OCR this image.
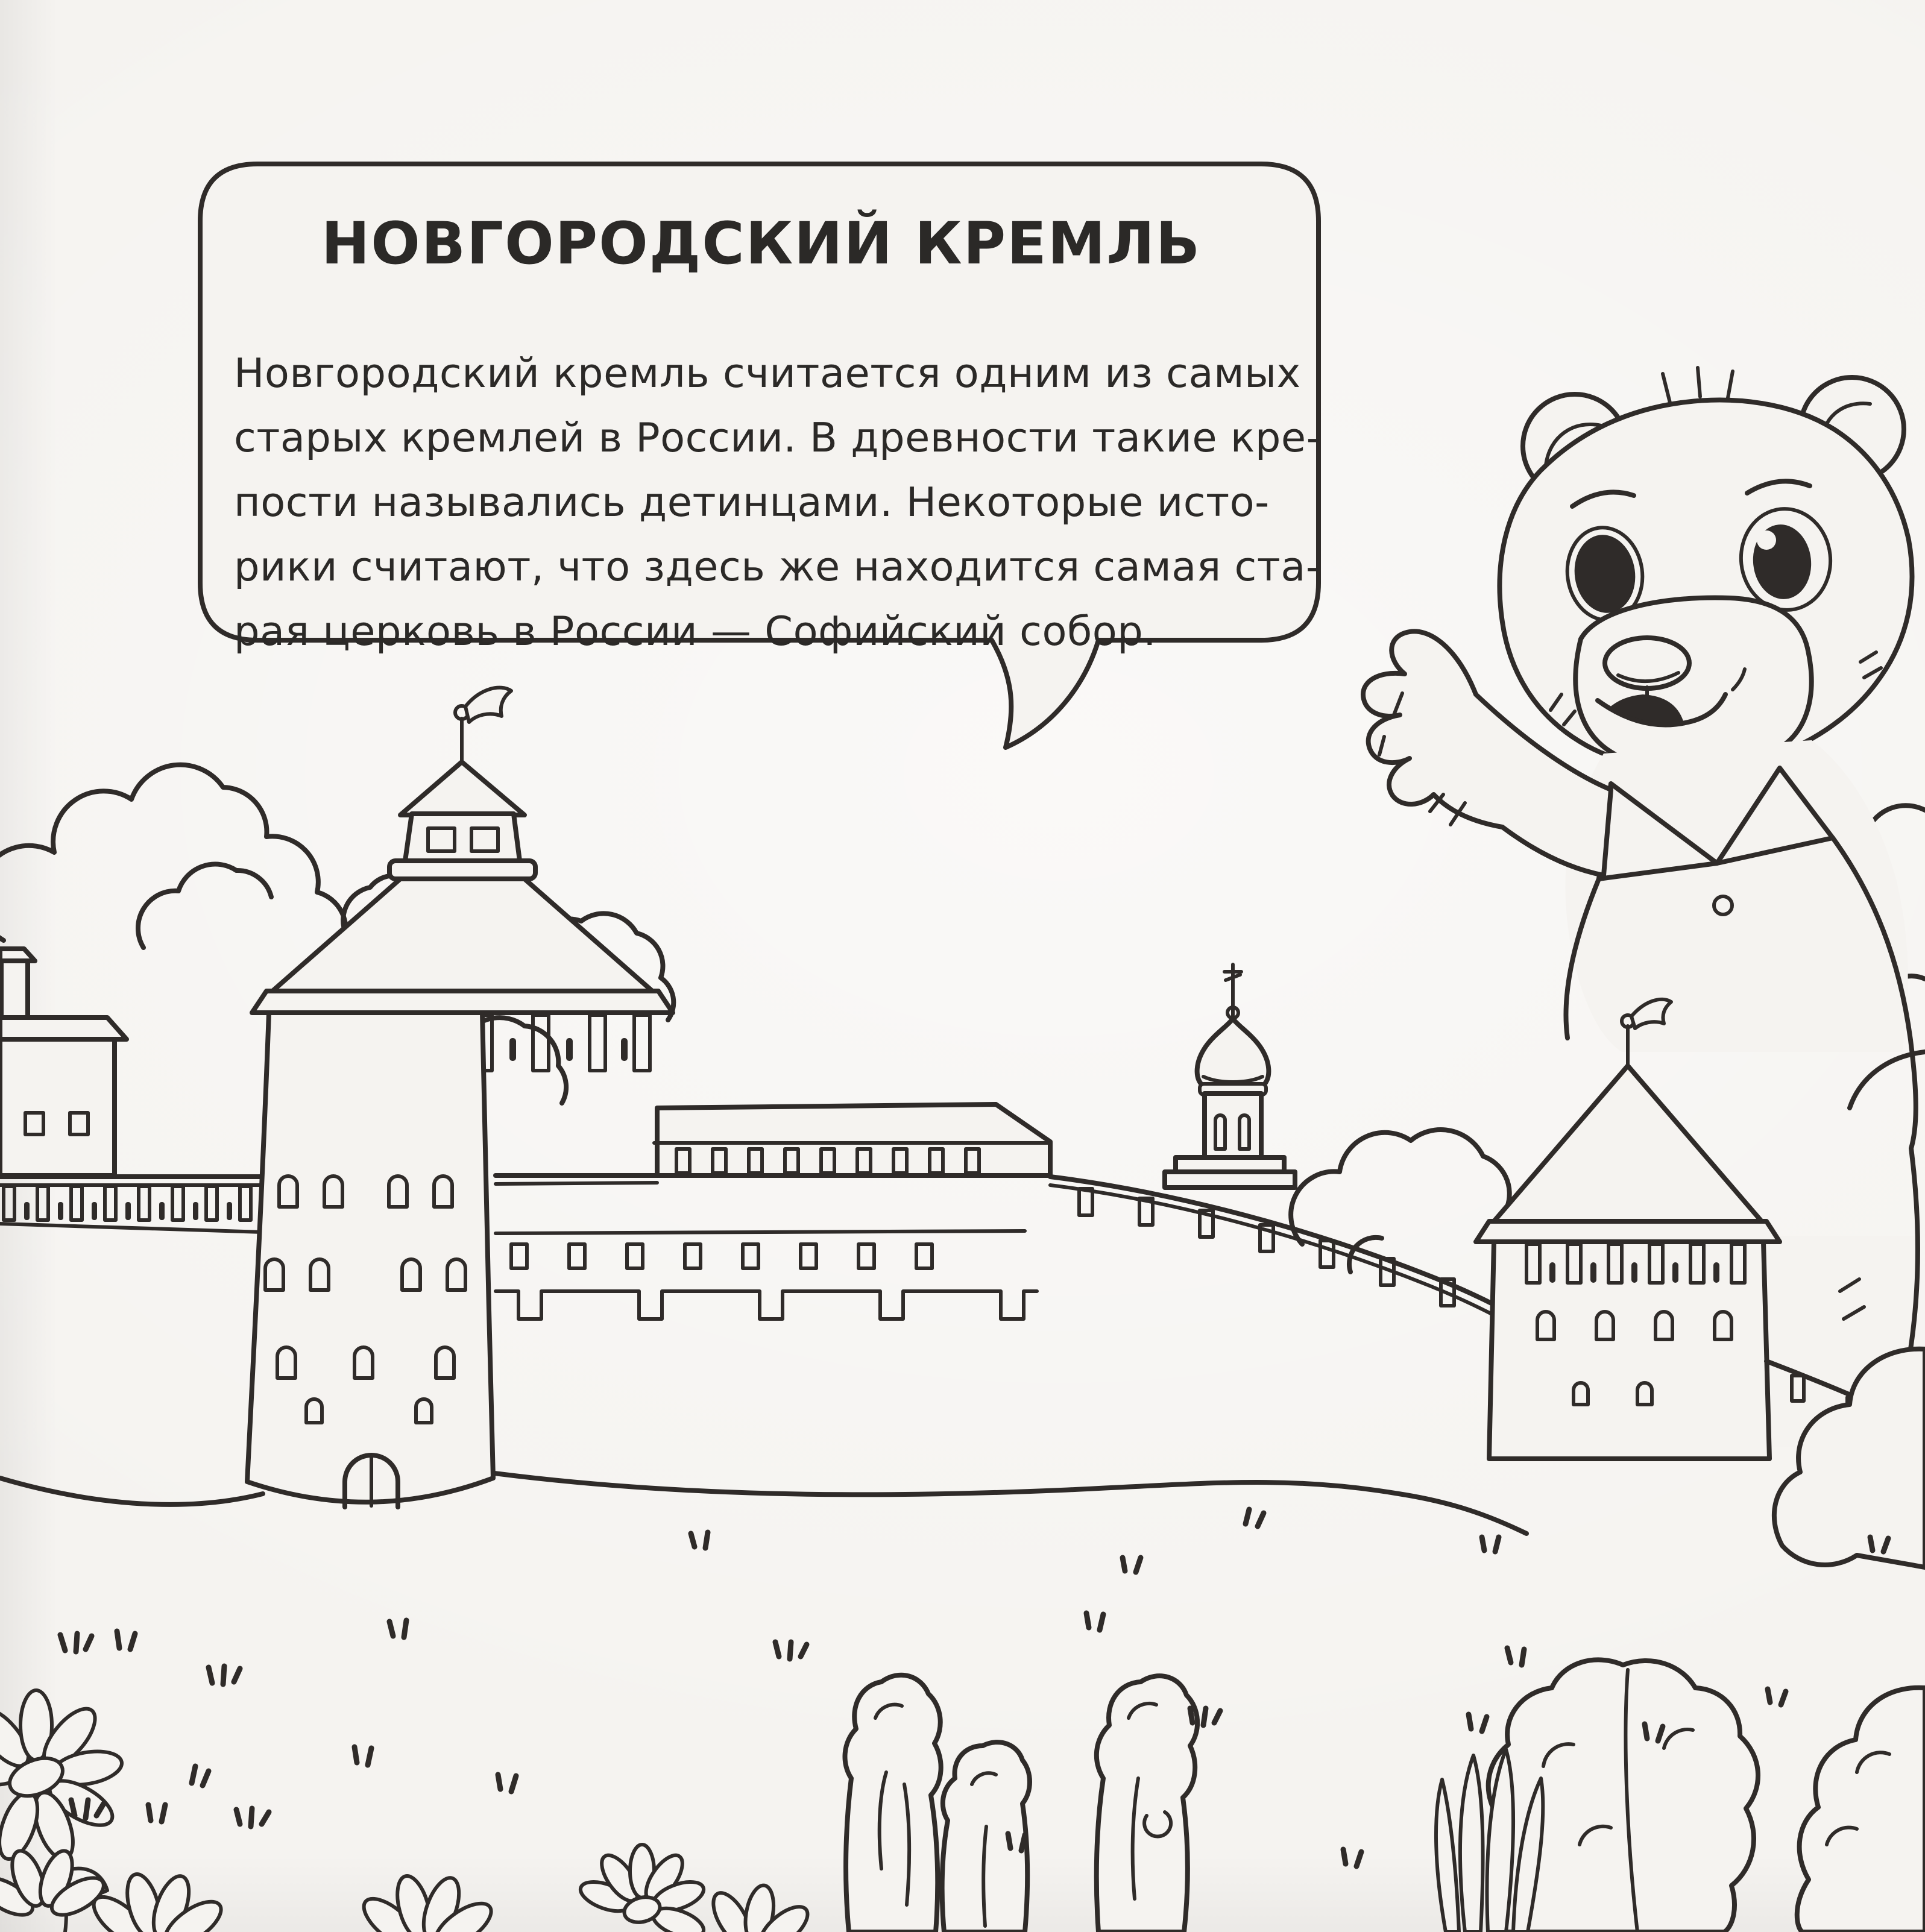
НОВГОРОДСКИЙ КРЕМЛЬ
Новгородский кремль считается одним из самых
старых кремлей в России. В древности такие кре-
пости назывались детинцами. Некоторые исто-
рики считают, что здесь же находится самая ста-
рая церковь в России — Софийский собор.
